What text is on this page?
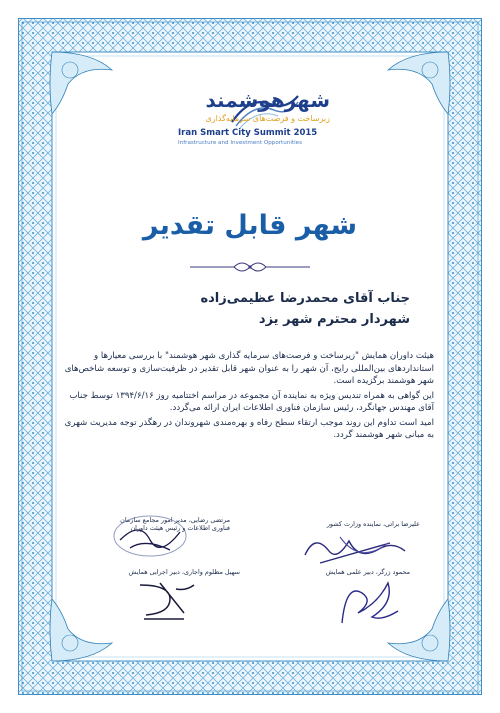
شهرهوشمند
زیرساخت و فرصت‌های سرمایه‌گذاری
Iran Smart City Summit 2015
Infrastructure and Investment Opportunities
شهر قابل تقدیر
جناب آقای محمدرضا عظیمی‌زاده
شهردار محترم شهر یزد

هیئت داوران همایش "زیرساخت و فرصت‌های سرمایه گذاری شهر هوشمند" با بررسی معیارها و استانداردهای بین‌المللی رایج، آن شهر را به عنوان شهر قابل تقدیر در ظرفیت‌سازی و توسعه شاخص‌های شهر هوشمند برگزیده است.

این گواهی به همراه تندیس ویژه به نماینده آن مجموعه در مراسم اختتامیه روز ۱۳۹۴/۶/۱۶ توسط جناب آقای مهندس جهانگرد، رئیس سازمان فناوری اطلاعات ایران ارائه می‌گردد.

امید است تداوم این روند موجب ارتقاء سطح رفاه و بهره‌مندی شهروندان در رهگذر توجه مدیریت شهری به مبانی شهر هوشمند گردد.

علیرضا براتی، نماینده وزارت کشور
مرتضی رضایی، مدیر امور مجامع سازمان
فناوری اطلاعات و رئیس هیئت داوران
محمود زرگر، دبیر علمی همایش
سهیل مظلوم واجاری، دبیر اجرایی همایش
